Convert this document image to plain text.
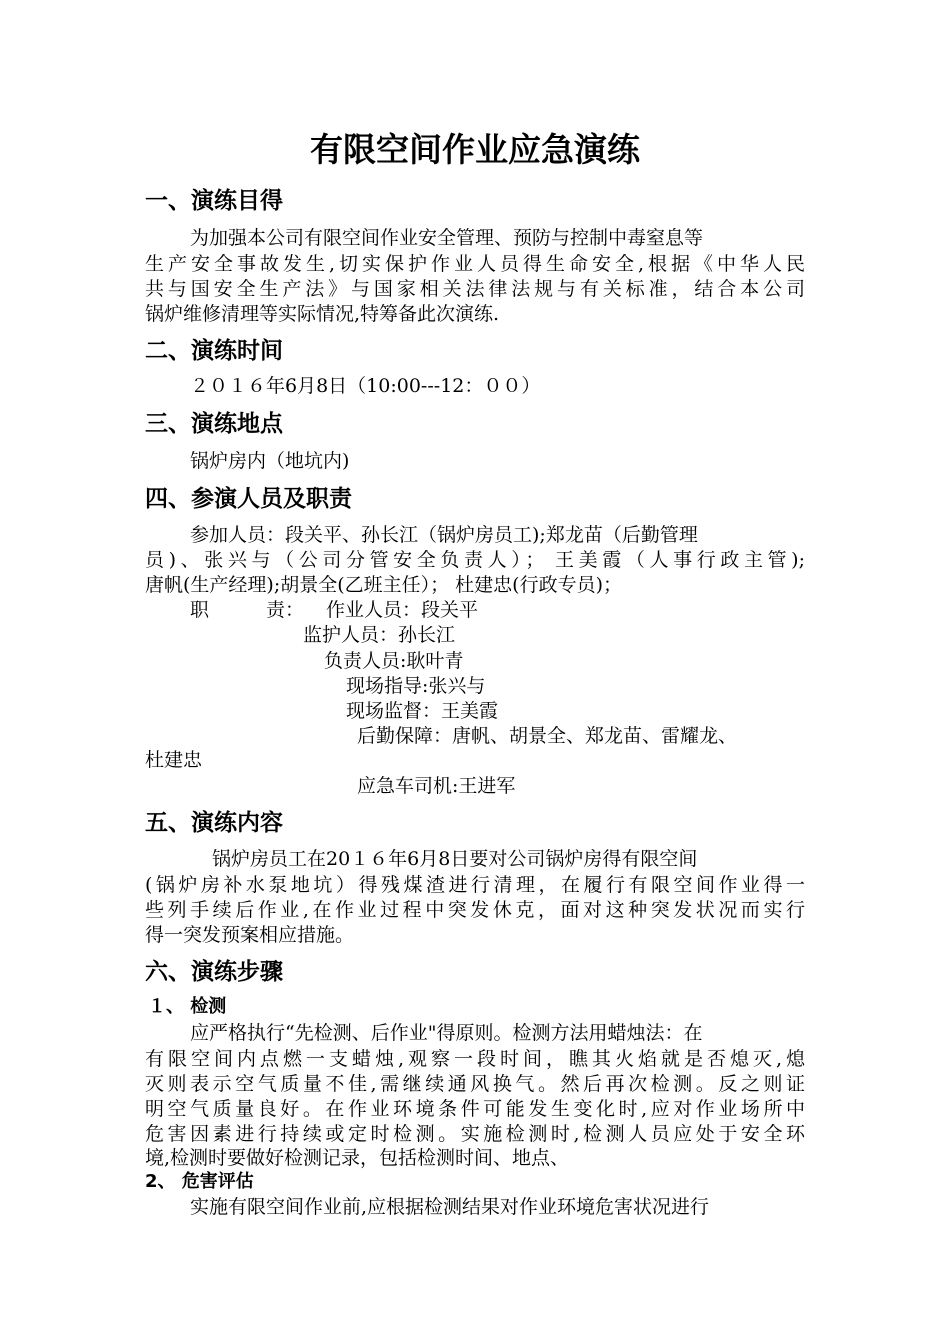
有限空间作业应急演练
一、演练目得
为加强本公司有限空间作业安全管理、预防与控制中毒窒息等
生产安全事故发生,切实保护作业人员得生命安全,根据《中华人民
共与国安全生产法》与国家相关法律法规与有关标准，结合本公司
锅炉维修清理等实际情况,特筹备此次演练.
二、演练时间
２０１６年6月8日（10:00---12：００）
三、演练地点
锅炉房内（地坑内)
四、参演人员及职责
参加人员：段关平、孙长江（锅炉房员工);郑龙苗（后勤管理
员)、张兴与（公司分管安全负责人）； 王美霞（人事行政主管);
唐帆(生产经理);胡景全(乙班主任）； 杜建忠(行政专员)；
职　　　责： 作业人员：段关平
监护人员：孙长江
负责人员:耿叶青
现场指导:张兴与
现场监督：王美霞
后勤保障：唐帆、胡景全、郑龙苗、雷耀龙、
杜建忠
应急车司机:王进军
五、演练内容
锅炉房员工在20１６年6月8日要对公司锅炉房得有限空间
(锅炉房补水泵地坑）得残煤渣进行清理，在履行有限空间作业得一
些列手续后作业,在作业过程中突发休克，面对这种突发状况而实行
得一突发预案相应措施。
六、演练步骤
１、 检测
应严格执行“先检测、后作业"得原则。检测方法用蜡烛法：在
有限空间内点燃一支蜡烛,观察一段时间，瞧其火焰就是否熄灭,熄
灭则表示空气质量不佳,需继续通风换气。然后再次检测。反之则证
明空气质量良好。在作业环境条件可能发生变化时,应对作业场所中
危害因素进行持续或定时检测。实施检测时,检测人员应处于安全环
境,检测时要做好检测记录，包括检测时间、地点、
2、 危害评估
实施有限空间作业前,应根据检测结果对作业环境危害状况进行
